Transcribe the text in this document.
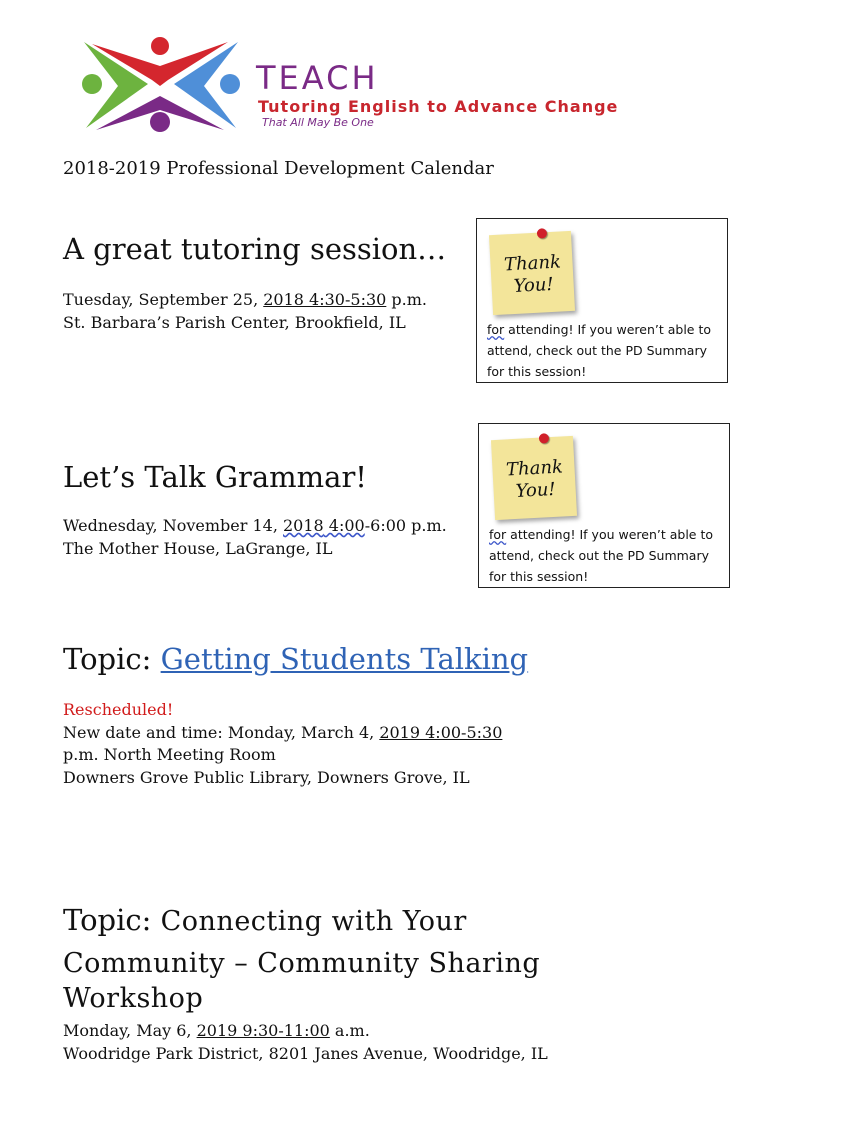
TEACH
Tutoring English to Advance Change
That All May Be One
2018-2019 Professional Development Calendar
A great tutoring session…
Tuesday, September 25, 2018 4:30-5:30 p.m.
St. Barbara’s Parish Center, Brookfield, IL
Thank
You!
for attending! If you weren’t able to
attend, check out the PD Summary
for this session!
Let’s Talk Grammar!
Wednesday, November 14, 2018 4:00-6:00 p.m.
The Mother House, LaGrange, IL
Thank
You!
for attending! If you weren’t able to
attend, check out the PD Summary
for this session!
Topic: Getting Students Talking
Rescheduled!
New date and time: Monday, March 4, 2019 4:00-5:30
p.m. North Meeting Room
Downers Grove Public Library, Downers Grove, IL
Topic: Connecting with Your
Community – Community Sharing
Workshop
Monday, May 6, 2019 9:30-11:00 a.m.
Woodridge Park District, 8201 Janes Avenue, Woodridge, IL
